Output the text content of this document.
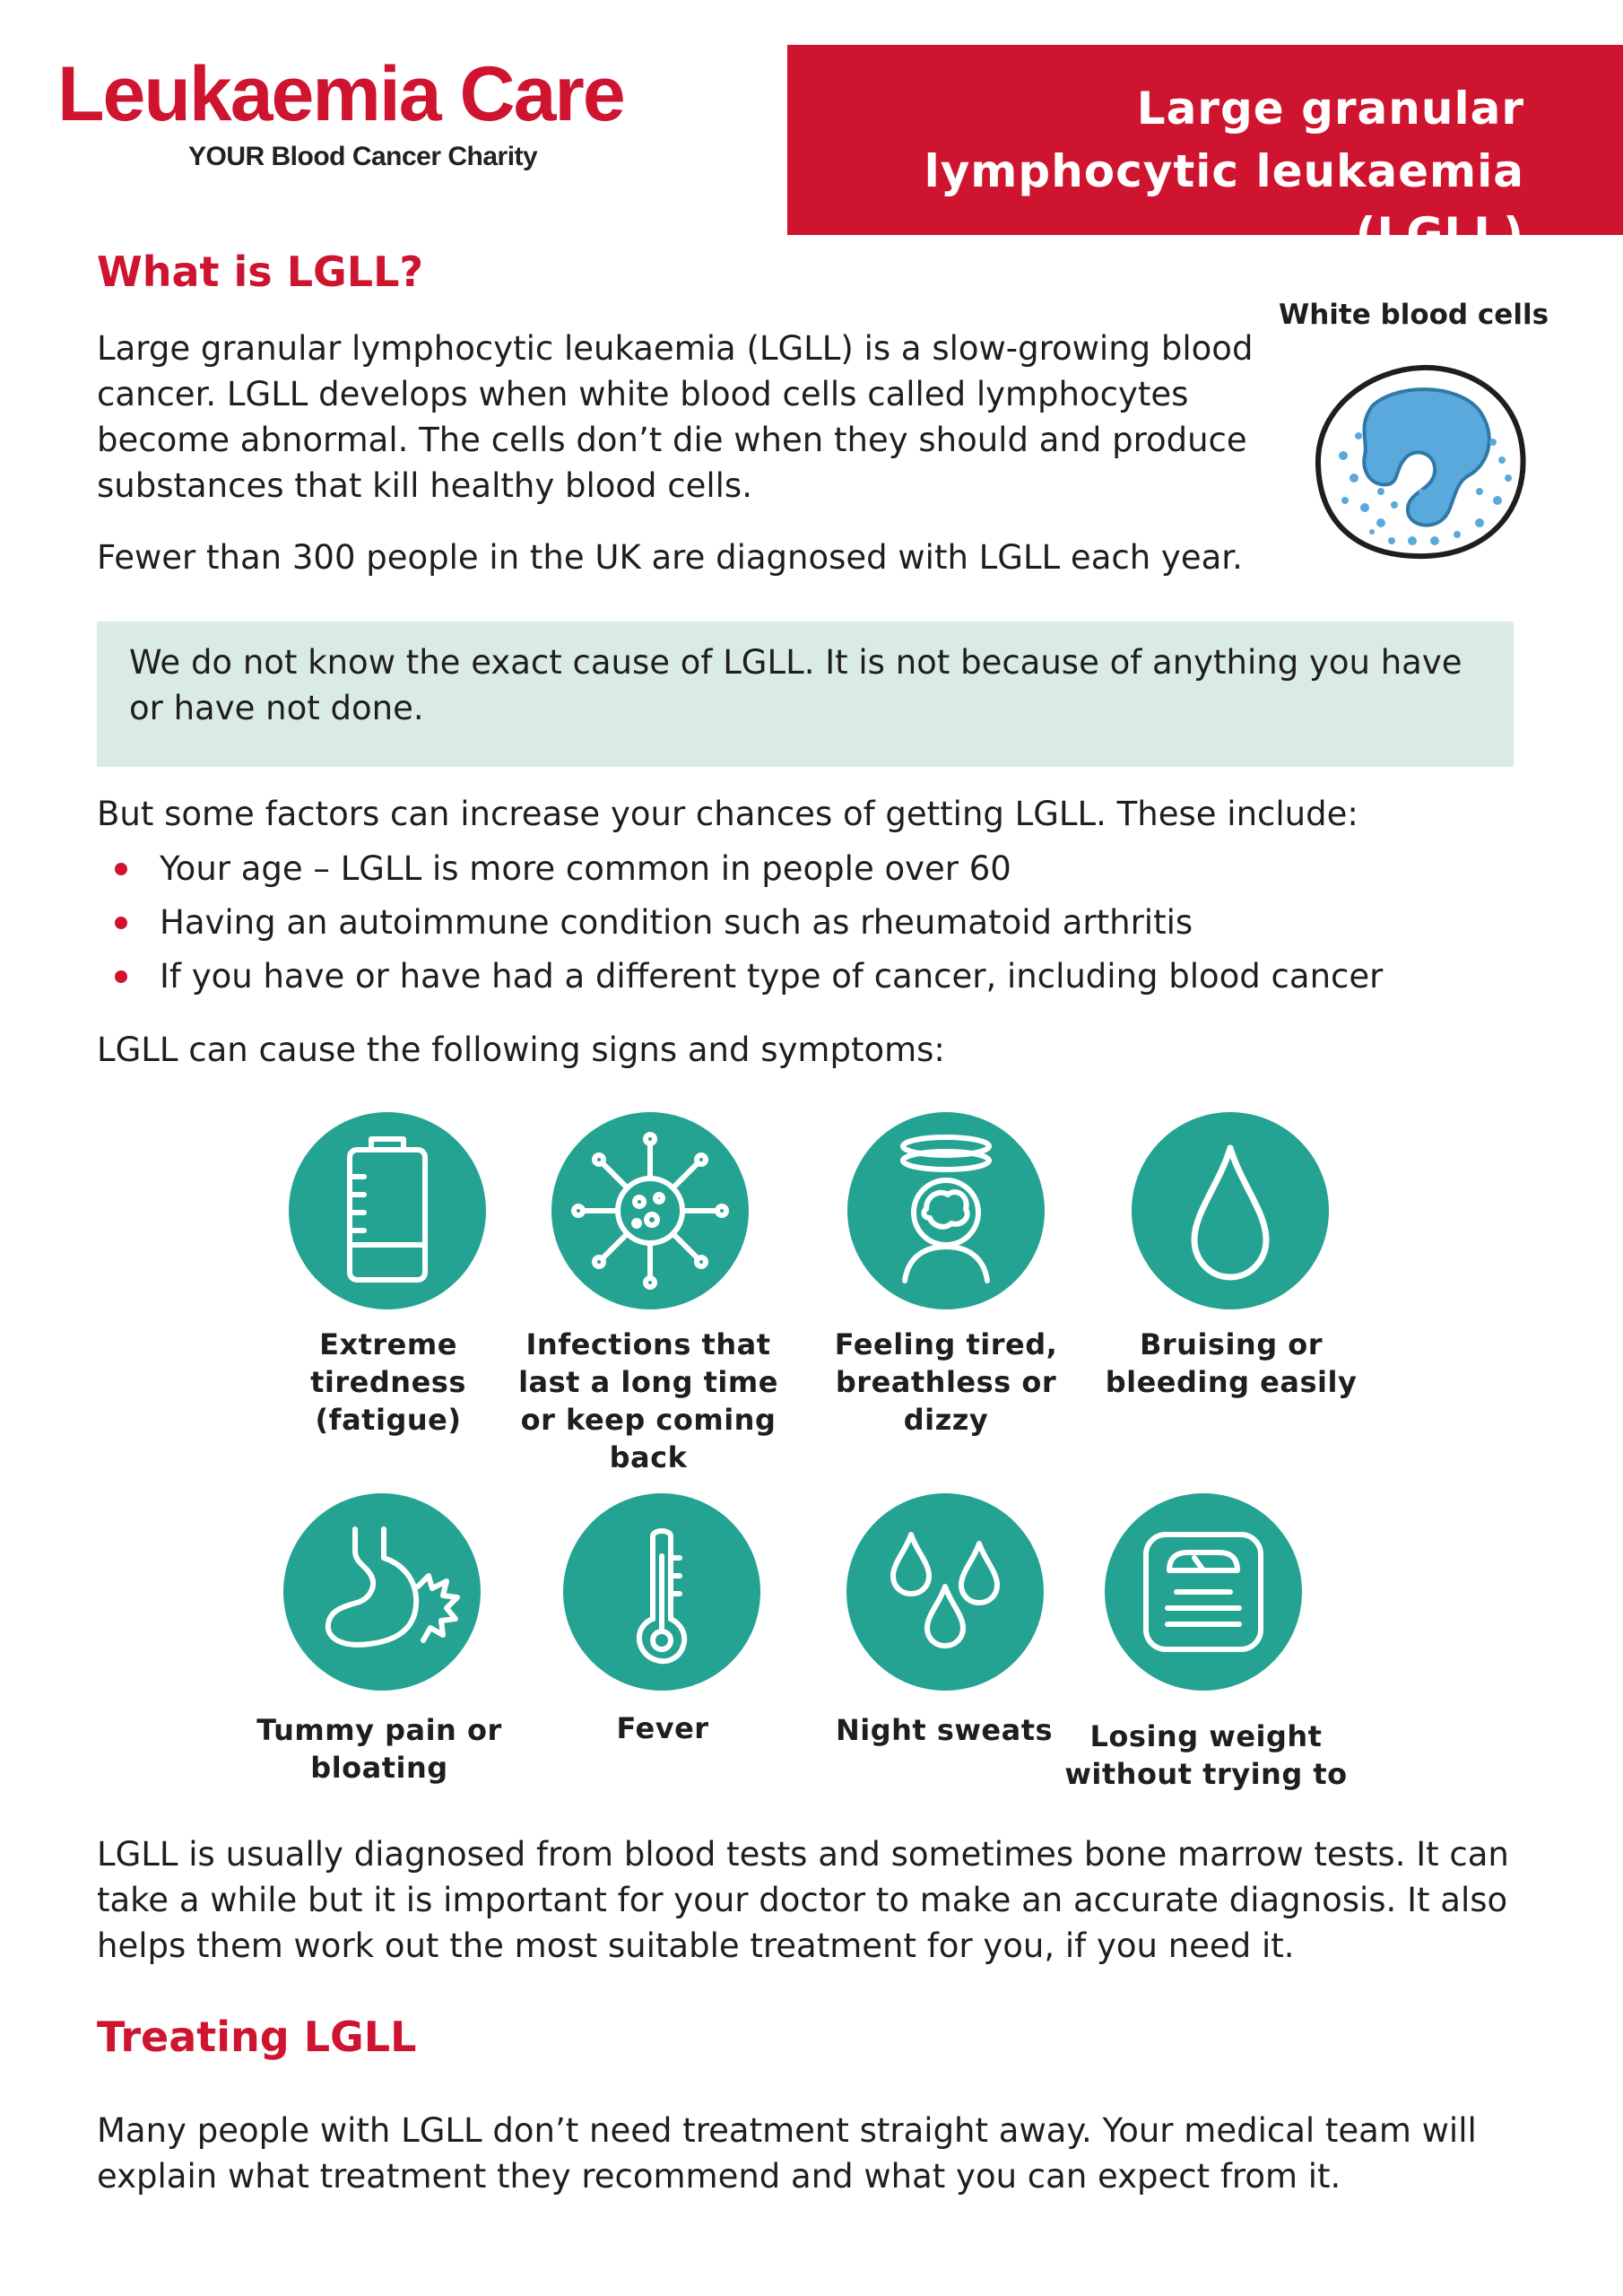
Leukaemia Care
YOUR Blood Cancer Charity
Large granular lymphocytic leukaemia (LGLL)
What is LGLL?
Large granular lymphocytic leukaemia (LGLL) is a slow-growing blood cancer. LGLL develops when white blood cells called lymphocytes become abnormal. The cells don’t die when they should and produce substances that kill healthy blood cells.
Fewer than 300 people in the UK are diagnosed with LGLL each year.
White blood cells
We do not know the exact cause of LGLL. It is not because of anything you have or have not done.
But some factors can increase your chances of getting LGLL. These include:
Your age – LGLL is more common in people over 60
Having an autoimmune condition such as rheumatoid arthritis
If you have or have had a different type of cancer, including blood cancer
LGLL can cause the following signs and symptoms:
Extreme tiredness (fatigue)
Infections that last a long time or keep coming back
Feeling tired, breathless or dizzy
Bruising or bleeding easily
Tummy pain or bloating
Fever	Night sweats	Losing weight without trying to
LGLL is usually diagnosed from blood tests and sometimes bone marrow tests. It can take a while but it is important for your doctor to make an accurate diagnosis. It also helps them work out the most suitable treatment for you, if you need it.
Treating LGLL
Many people with LGLL don’t need treatment straight away. Your medical team will explain what treatment they recommend and what you can expect from it.
